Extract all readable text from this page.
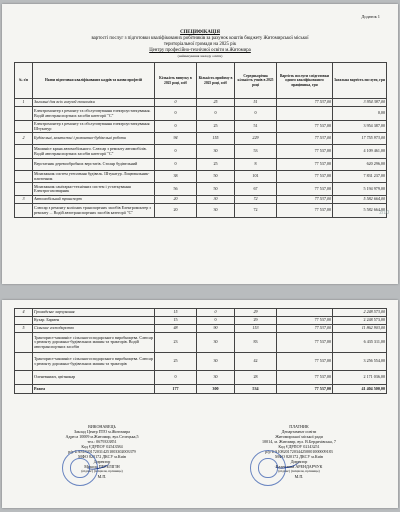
Додаток 1
СПЕЦИФІКАЦІЯ
вартості послуг з підготовки кваліфікованих робітників за рахунок коштів бюджету Житомирської міської
територіальної громади на 2025 рік
Центру професійно-технічної освіти м.Житомира
(найменування закладу освіти)
№ з/п	Назви підготовки кваліфікованих кадрів та назви професій	Кількість випуску в 2025 році, осіб	Кількість прийому в 2025 році, осіб	Середньорічна кількість учнів в 2025 році	Вартість послуги з підготовки одного кваліфікованого працівника, грн	Загальна вартість послуги, грн
1	Загальні для всіх галузей економіки	0	25	51	77 537,00	3 954 387,00
	Електромонтер з ремонту та обслуговування електроустаткування. Водій автотранспортних засобів категорії "С"	0	0	0		0,00
	Електромонтер з ремонту та обслуговування електроустаткування Штукатур	0	25	51	77 537,00	3 954 387,00
2	Будівельні, монтажні і ремонтно-будівельні роботи	94	155	229	77 537,00	17 755 973,00
	Машиніст крана автомобільного. Слюсар з ремонту автомобілів. Водій автотранспортних засобів категорії "С"	0	30	53	77 537,00	4 109 461,00
	Верстатник деревообробних верстатів. Столяр будівельний	0	25	8	77 537,00	620 296,00
	Монтажник систем утеплення будівель. Штукатур. Лицювальник-плиточник	38	50	101	77 537,00	7 831 237,00
	Монтажник санітарно-технічних систем і устаткування Електрогазозварник	56	50	67	77 537,00	5 194 979,00
3	Автомобільний транспорт	20	30	72	77 537,00	5 582 664,00
	Слюсар з ремонту колісних транспортних засобів Електромонтер з ремонту ... Водій автотранспортних засобів категорії "С"	20	30	72	77 537,00	5 582 664,00
2/10
4	Громадське харчування	15	0	29		2 248 573,00
	Кухар. Бармен	15	0	29	77 537,00	2 248 573,00
5	Сільське господарство	48	90	153	77 537,00	11 862 903,00
	Тракторист-машиніст сільськогосподарського виробництва. Слюсар з ремонту дорожньо-будівельних машин та тракторів. Водій автотранспортних засобів	23	30	83	77 537,00	6 435 311,00
	Тракторист-машиніст сільськогосподарського виробництва. Слюсар з ремонту дорожньо-будівельних машин та тракторів	25	30	42	77 537,00	3 256 554,00
	Оленевнижч, цвітникар	0	30	28	77 537,00	2 171 036,00
	Разом	177	300	534	77 537,00	41 404 500,00
ВИКОНАВЕЦЬ
Заклад Центр ПТО м.Житомира
Адреса 10009 м.Житомир, вул.Селецька,5
тел.: 0679333851
Код ЄДРПОУ 02543584
р/р UA818201720314251003302003379
МФО 820172 ДКСУ м.Київ
Директор
Микола ПЕРЕЛІГІН
(підпис) (ініціали, прізвище)
М.П.
ПЛАТНИК
Департамент освіти
Житомирської міської ради
10014, м. Житомир, вул. В.Бердичівська, 7
Код ЄДРПОУ 02143251
р/р UA108201720344250001000009183
МФО 820172 ДКСУ м.Київ
Директор
Валентина АРЕНДАРЧУК
(підпис) (ініціали, прізвище)
М.П.
